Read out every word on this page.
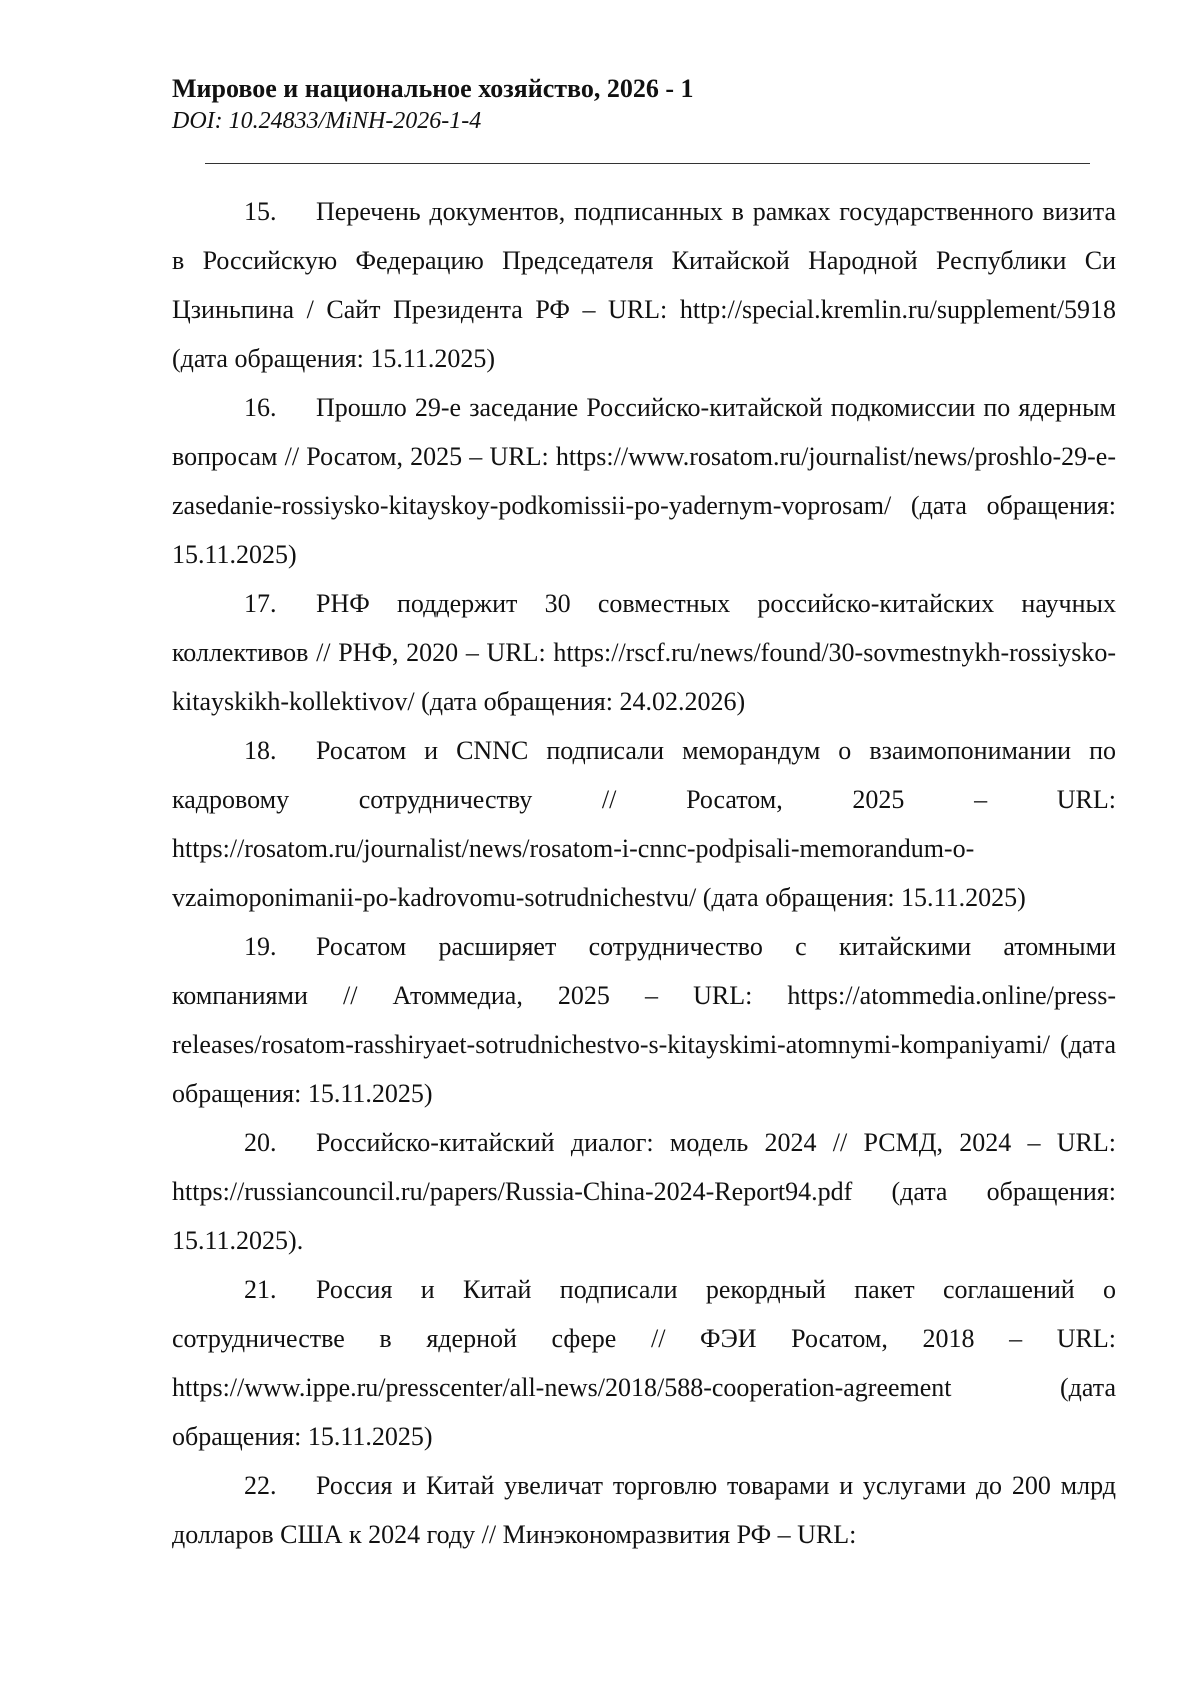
Мировое и национальное хозяйство, 2026 - 1
DOI: 10.24833/MiNH-2026-1-4
15. Перечень документов, подписанных в рамках государственного визита в Российскую Федерацию Председателя Китайской Народной Республики Си Цзиньпина / Сайт Президента РФ – URL: http://special.kremlin.ru/supplement/5918 (дата обращения: 15.11.2025)
16. Прошло 29-е заседание Российско-китайской подкомиссии по ядерным вопросам // Росатом, 2025 – URL: https://www.rosatom.ru/journalist/news/proshlo-29-e-zasedanie-rossiysko-kitayskoy-podkomissii-po-yadernym-voprosam/ (дата обращения: 15.11.2025)
17. РНФ поддержит 30 совместных российско-китайских научных коллективов // РНФ, 2020 – URL: https://rscf.ru/news/found/30-sovmestnykh-rossiysko-kitayskikh-kollektivov/ (дата обращения: 24.02.2026)
18. Росатом и CNNC подписали меморандум о взаимопонимании по кадровому сотрудничеству // Росатом, 2025 – URL: https://rosatom.ru/journalist/news/rosatom-i-cnnc-podpisali-memorandum-o-vzaimoponimanii-po-kadrovomu-sotrudnichestvu/ (дата обращения: 15.11.2025)
19. Росатом расширяет сотрудничество с китайскими атомными компаниями // Атоммедиа, 2025 – URL: https://atommedia.online/press-releases/rosatom-rasshiryaet-sotrudnichestvo-s-kitayskimi-atomnymi-kompaniyami/ (дата обращения: 15.11.2025)
20. Российско-китайский диалог: модель 2024 // РСМД, 2024 – URL: https://russiancouncil.ru/papers/Russia-China-2024-Report94.pdf (дата обращения: 15.11.2025).
21. Россия и Китай подписали рекордный пакет соглашений о сотрудничестве в ядерной сфере // ФЭИ Росатом, 2018 – URL: https://www.ippe.ru/presscenter/all-news/2018/588-cooperation-agreement (дата обращения: 15.11.2025)
22. Россия и Китай увеличат торговлю товарами и услугами до 200 млрд долларов США к 2024 году // Минэкономразвития РФ – URL:
